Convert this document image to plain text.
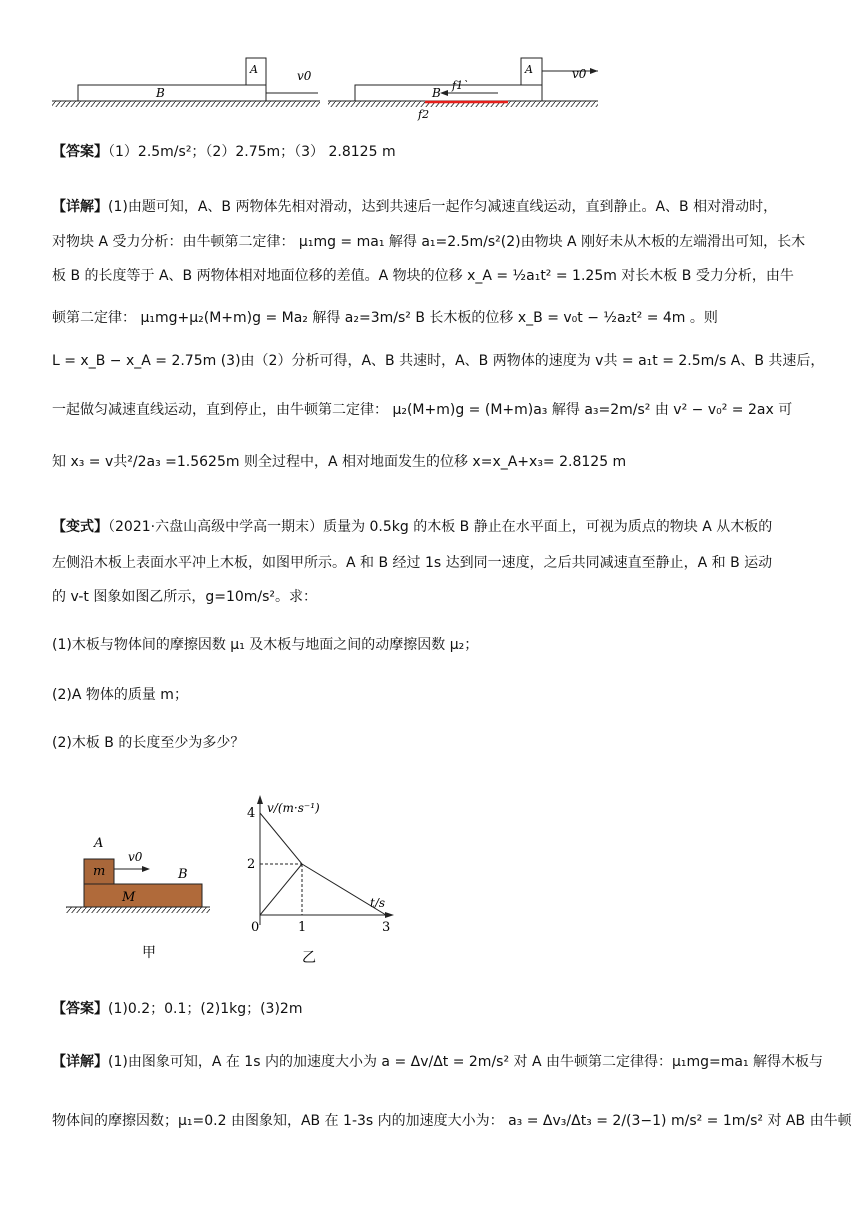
A
B
v0	A	v0
f1`
B
f2
【答案】（1）2.5m/s²；（2）2.75m；（3） 2.8125 m
【详解】(1)由题可知，A、B 两物体先相对滑动，达到共速后一起作匀减速直线运动，直到静止。A、B 相对滑动时，
对物块 A 受力分析：由牛顿第二定律： μ₁mg = ma₁ 解得 a₁=2.5m/s²(2)由物块 A 刚好未从木板的左端滑出可知，长木
板 B 的长度等于 A、B 两物体相对地面位移的差值。A 物块的位移 x_A = ½a₁t² = 1.25m 对长木板 B 受力分析，由牛
顿第二定律： μ₁mg+μ₂(M+m)g = Ma₂ 解得 a₂=3m/s² B 长木板的位移 x_B = v₀t − ½a₂t² = 4m 。则
L = x_B − x_A = 2.75m (3)由（2）分析可得，A、B 共速时，A、B 两物体的速度为 v共 = a₁t = 2.5m/s A、B 共速后，
一起做匀减速直线运动，直到停止，由牛顿第二定律： μ₂(M+m)g = (M+m)a₃ 解得 a₃=2m/s² 由 v² − v₀² = 2ax 可
知 x₃ = v共²/2a₃ =1.5625m 则全过程中，A 相对地面发生的位移 x=x_A+x₃= 2.8125 m
【变式】（2021·六盘山高级中学高一期末）质量为 0.5kg 的木板 B 静止在水平面上，可视为质点的物块 A 从木板的
左侧沿木板上表面水平冲上木板，如图甲所示。A 和 B 经过 1s 达到同一速度，之后共同减速直至静止，A 和 B 运动
的 v-t 图象如图乙所示，g=10m/s²。求：
(1)木板与物体间的摩擦因数 μ₁ 及木板与地面之间的动摩擦因数 μ₂；
(2)A 物体的质量 m；
(2)木板 B 的长度至少为多少？
A
m
M
B
v0
甲
v/(m·s⁻¹)
t/s
4
2
0	1	3
乙
【答案】(1)0.2；0.1；(2)1kg；(3)2m
【详解】(1)由图象可知，A 在 1s 内的加速度大小为 a = Δv/Δt = 2m/s² 对 A 由牛顿第二定律得：μ₁mg=ma₁ 解得木板与
物体间的摩擦因数；μ₁=0.2 由图象知，AB 在 1-3s 内的加速度大小为： a₃ = Δv₃/Δt₃ = 2/(3−1) m/s² = 1m/s² 对 AB 由牛顿
